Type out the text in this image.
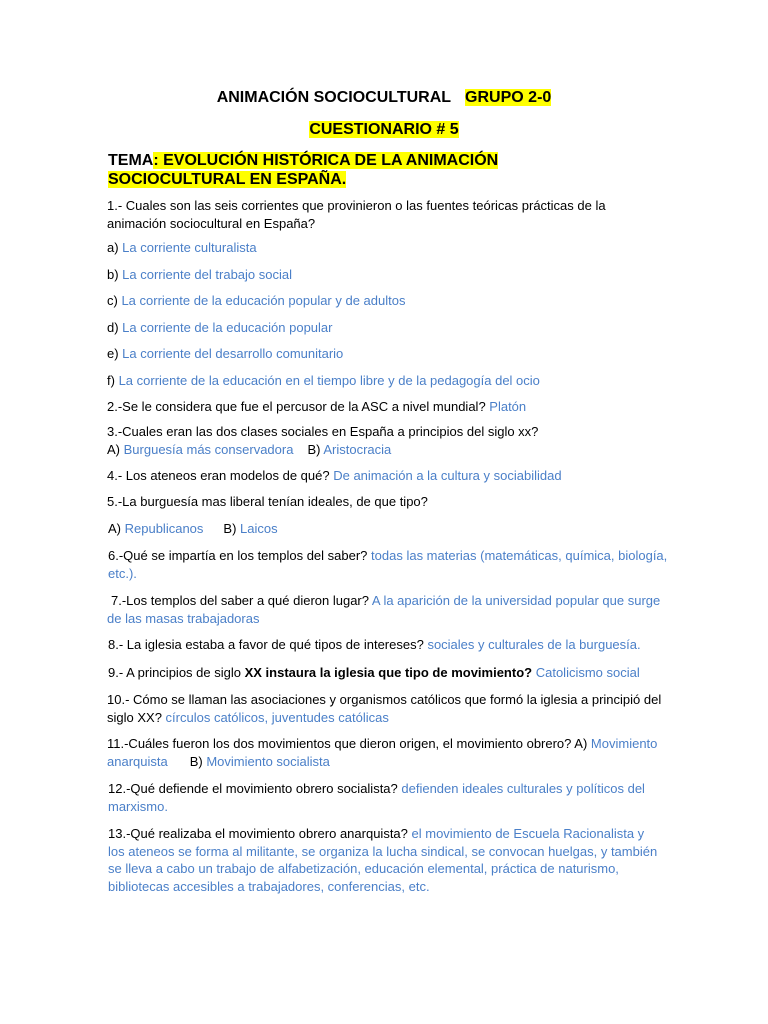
ANIMACIÓN SOCIOCULTURAL GRUPO 2-0
CUESTIONARIO # 5
TEMA: EVOLUCIÓN HISTÓRICA DE LA ANIMACIÓN SOCIOCULTURAL EN ESPAÑA.
1.- Cuales son las seis corrientes que provinieron o las fuentes teóricas prácticas de la animación sociocultural en España?
a) La corriente culturalista
b) La corriente del trabajo social
c) La corriente de la educación popular y de adultos
d) La corriente de la educación popular
e) La corriente del desarrollo comunitario
f) La corriente de la educación en el tiempo libre y de la pedagogía del ocio
2.-Se le considera que fue el percusor de la ASC a nivel mundial? Platón
3.-Cuales eran las dos clases sociales en España a principios del siglo xx?
A) Burguesía más conservadora B) Aristocracia
4.- Los ateneos eran modelos de qué? De animación a la cultura y sociabilidad
5.-La burguesía mas liberal tenían ideales, de que tipo?
A) Republicanos B) Laicos
6.-Qué se impartía en los templos del saber? todas las materias (matemáticas, química, biología, etc.).
7.-Los templos del saber a qué dieron lugar? A la aparición de la universidad popular que surge de las masas trabajadoras
8.- La iglesia estaba a favor de qué tipos de intereses? sociales y culturales de la burguesía.
9.- A principios de siglo XX instaura la iglesia que tipo de movimiento? Catolicismo social
10.- Cómo se llaman las asociaciones y organismos católicos que formó la iglesia a principió del siglo XX? círculos católicos, juventudes católicas
11.-Cuáles fueron los dos movimientos que dieron origen, el movimiento obrero? A) Movimiento anarquista B) Movimiento socialista
12.-Qué defiende el movimiento obrero socialista? defienden ideales culturales y políticos del marxismo.
13.-Qué realizaba el movimiento obrero anarquista? el movimiento de Escuela Racionalista y los ateneos se forma al militante, se organiza la lucha sindical, se convocan huelgas, y también se lleva a cabo un trabajo de alfabetización, educación elemental, práctica de naturismo, bibliotecas accesibles a trabajadores, conferencias, etc.
